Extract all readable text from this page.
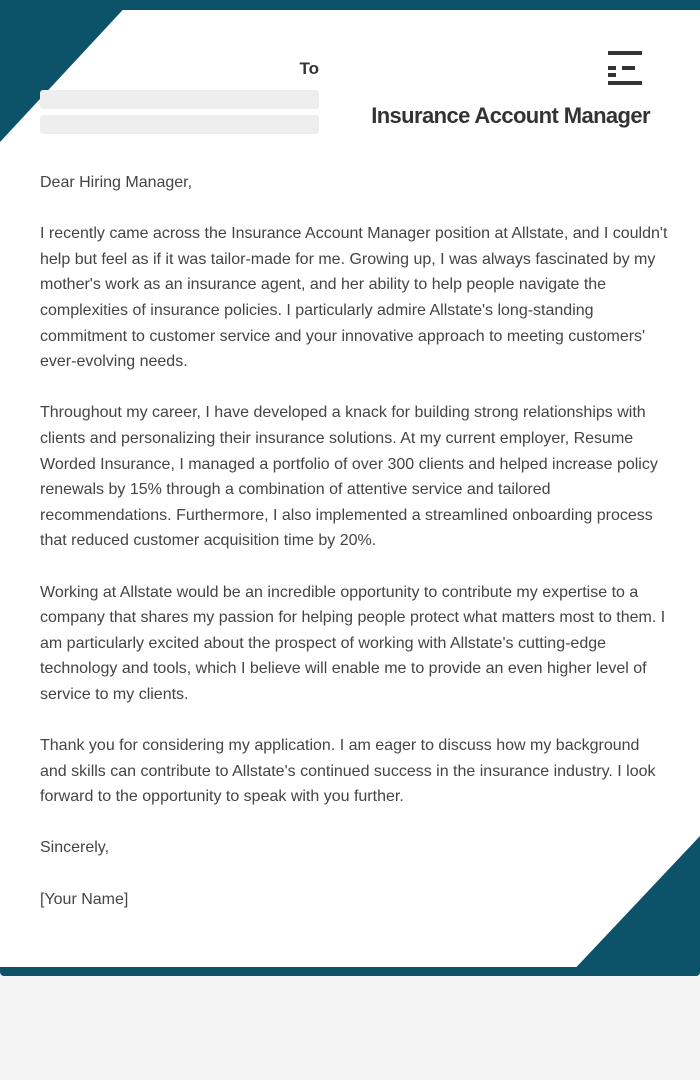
To
Insurance Account Manager

Dear Hiring Manager,

I recently came across the Insurance Account Manager position at Allstate, and I couldn't help but feel as if it was tailor-made for me. Growing up, I was always fascinated by my mother's work as an insurance agent, and her ability to help people navigate the complexities of insurance policies. I particularly admire Allstate's long-standing commitment to customer service and your innovative approach to meeting customers' ever-evolving needs.

Throughout my career, I have developed a knack for building strong relationships with clients and personalizing their insurance solutions. At my current employer, Resume Worded Insurance, I managed a portfolio of over 300 clients and helped increase policy renewals by 15% through a combination of attentive service and tailored recommendations. Furthermore, I also implemented a streamlined onboarding process that reduced customer acquisition time by 20%.

Working at Allstate would be an incredible opportunity to contribute my expertise to a company that shares my passion for helping people protect what matters most to them. I am particularly excited about the prospect of working with Allstate's cutting-edge technology and tools, which I believe will enable me to provide an even higher level of service to my clients.

Thank you for considering my application. I am eager to discuss how my background and skills can contribute to Allstate's continued success in the insurance industry. I look forward to the opportunity to speak with you further.

Sincerely,

[Your Name]
